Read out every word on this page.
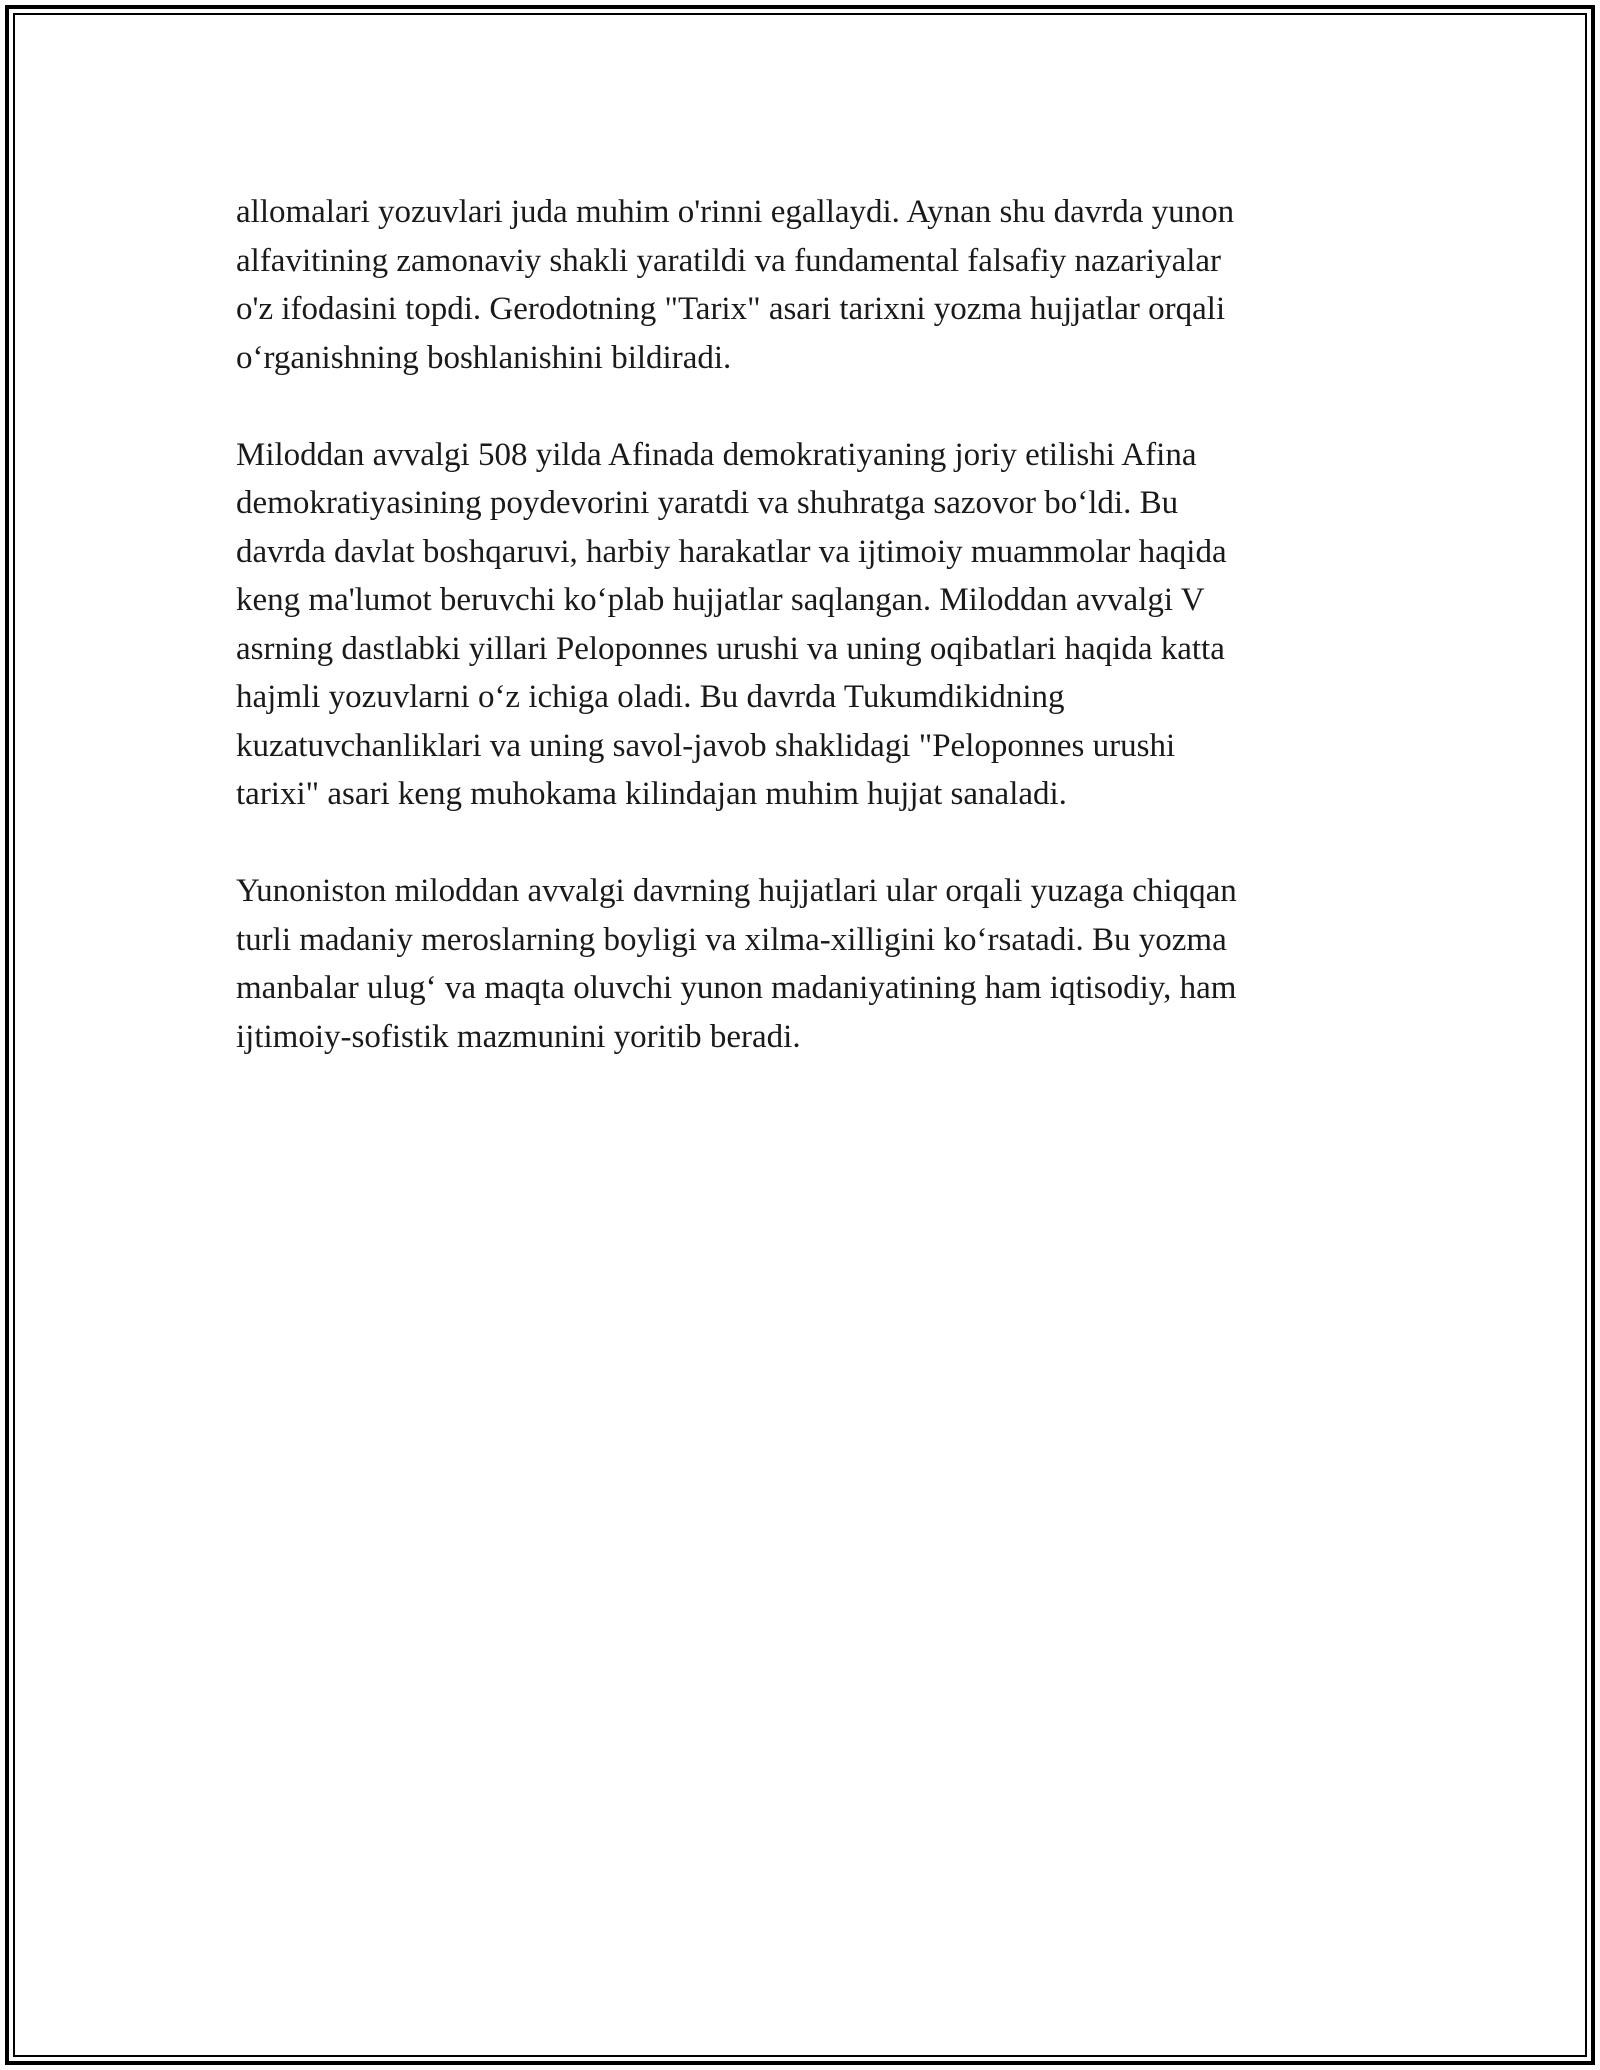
allomalari yozuvlari juda muhim o'rinni egallaydi. Aynan shu davrda yunon
alfavitining zamonaviy shakli yaratildi va fundamental falsafiy nazariyalar
o'z ifodasini topdi. Gerodotning "Tarix" asari tarixni yozma hujjatlar orqali
oʻrganishning boshlanishini bildiradi.

Miloddan avvalgi 508 yilda Afinada demokratiyaning joriy etilishi Afina
demokratiyasining poydevorini yaratdi va shuhratga sazovor boʻldi. Bu
davrda davlat boshqaruvi, harbiy harakatlar va ijtimoiy muammolar haqida
keng ma'lumot beruvchi koʻplab hujjatlar saqlangan. Miloddan avvalgi V
asrning dastlabki yillari Peloponnes urushi va uning oqibatlari haqida katta
hajmli yozuvlarni oʻz ichiga oladi. Bu davrda Tukumdikidning
kuzatuvchanliklari va uning savol-javob shaklidagi "Peloponnes urushi
tarixi" asari keng muhokama kilindajan muhim hujjat sanaladi.

Yunoniston miloddan avvalgi davrning hujjatlari ular orqali yuzaga chiqqan
turli madaniy meroslarning boyligi va xilma-xilligini koʻrsatadi. Bu yozma
manbalar ulugʻ va maqta oluvchi yunon madaniyatining ham iqtisodiy, ham
ijtimoiy-sofistik mazmunini yoritib beradi.
